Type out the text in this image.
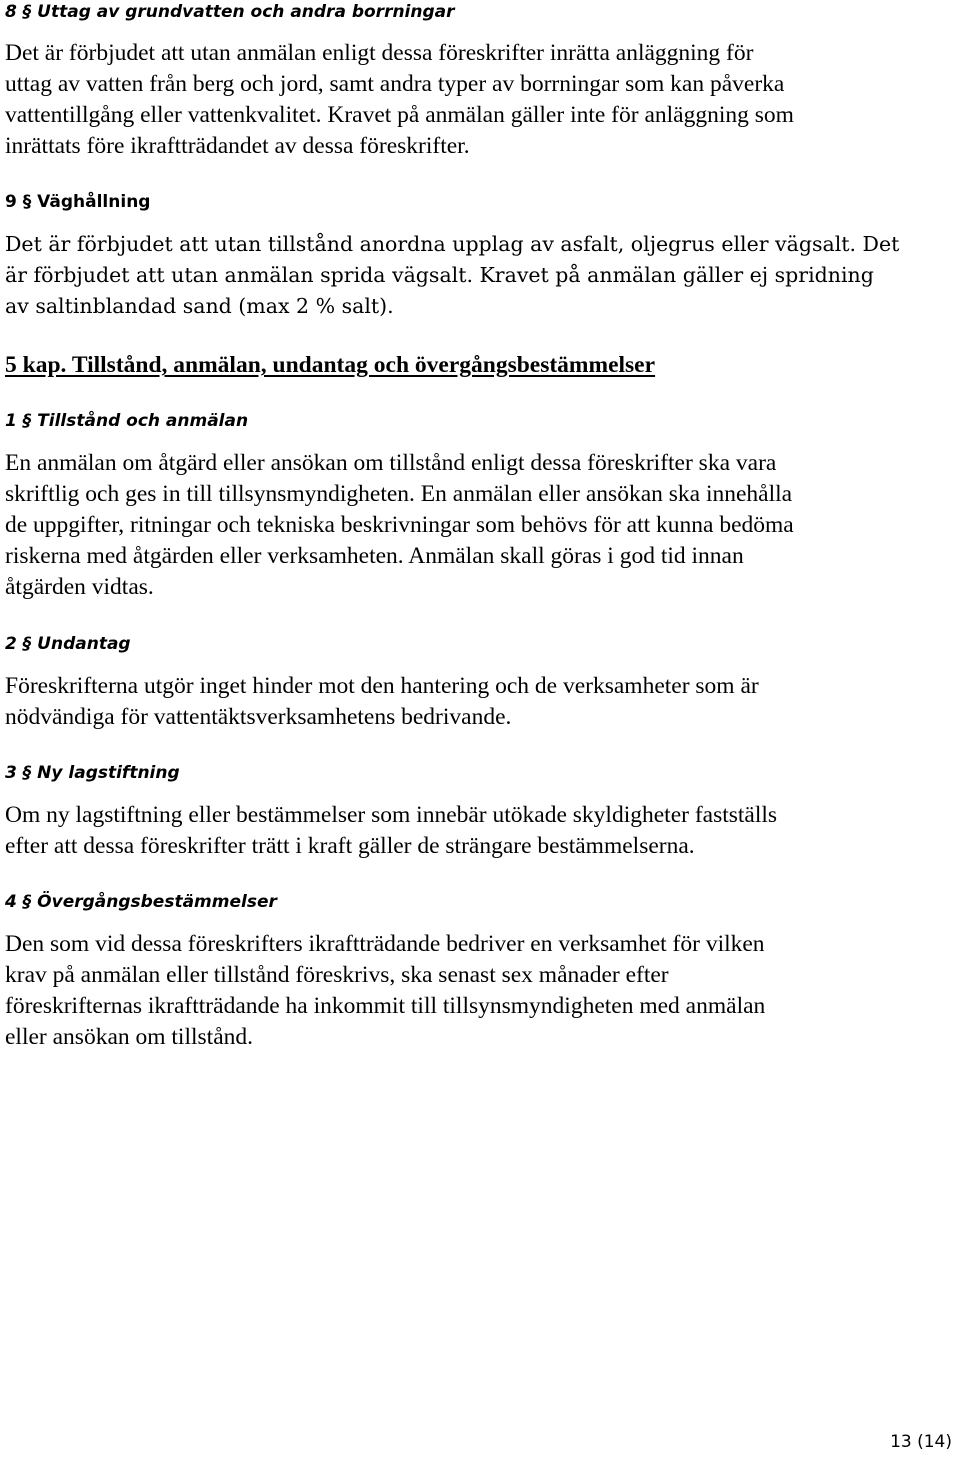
8 § Uttag av grundvatten och andra borrningar

Det är förbjudet att utan anmälan enligt dessa föreskrifter inrätta anläggning för
uttag av vatten från berg och jord, samt andra typer av borrningar som kan påverka
vattentillgång eller vattenkvalitet. Kravet på anmälan gäller inte för anläggning som
inrättats före ikraftträdandet av dessa föreskrifter.

9 § Väghållning

Det är förbjudet att utan tillstånd anordna upplag av asfalt, oljegrus eller vägsalt. Det
är förbjudet att utan anmälan sprida vägsalt. Kravet på anmälan gäller ej spridning
av saltinblandad sand (max 2 % salt).

5 kap. Tillstånd, anmälan, undantag och övergångsbestämmelser
1 § Tillstånd och anmälan

En anmälan om åtgärd eller ansökan om tillstånd enligt dessa föreskrifter ska vara
skriftlig och ges in till tillsynsmyndigheten. En anmälan eller ansökan ska innehålla
de uppgifter, ritningar och tekniska beskrivningar som behövs för att kunna bedöma
riskerna med åtgärden eller verksamheten. Anmälan skall göras i god tid innan
åtgärden vidtas.

2 § Undantag

Föreskrifterna utgör inget hinder mot den hantering och de verksamheter som är
nödvändiga för vattentäktsverksamhetens bedrivande.

3 § Ny lagstiftning

Om ny lagstiftning eller bestämmelser som innebär utökade skyldigheter fastställs
efter att dessa föreskrifter trätt i kraft gäller de strängare bestämmelserna.

4 § Övergångsbestämmelser

Den som vid dessa föreskrifters ikraftträdande bedriver en verksamhet för vilken
krav på anmälan eller tillstånd föreskrivs, ska senast sex månader efter
föreskrifternas ikraftträdande ha inkommit till tillsynsmyndigheten med anmälan
eller ansökan om tillstånd.

13 (14)
